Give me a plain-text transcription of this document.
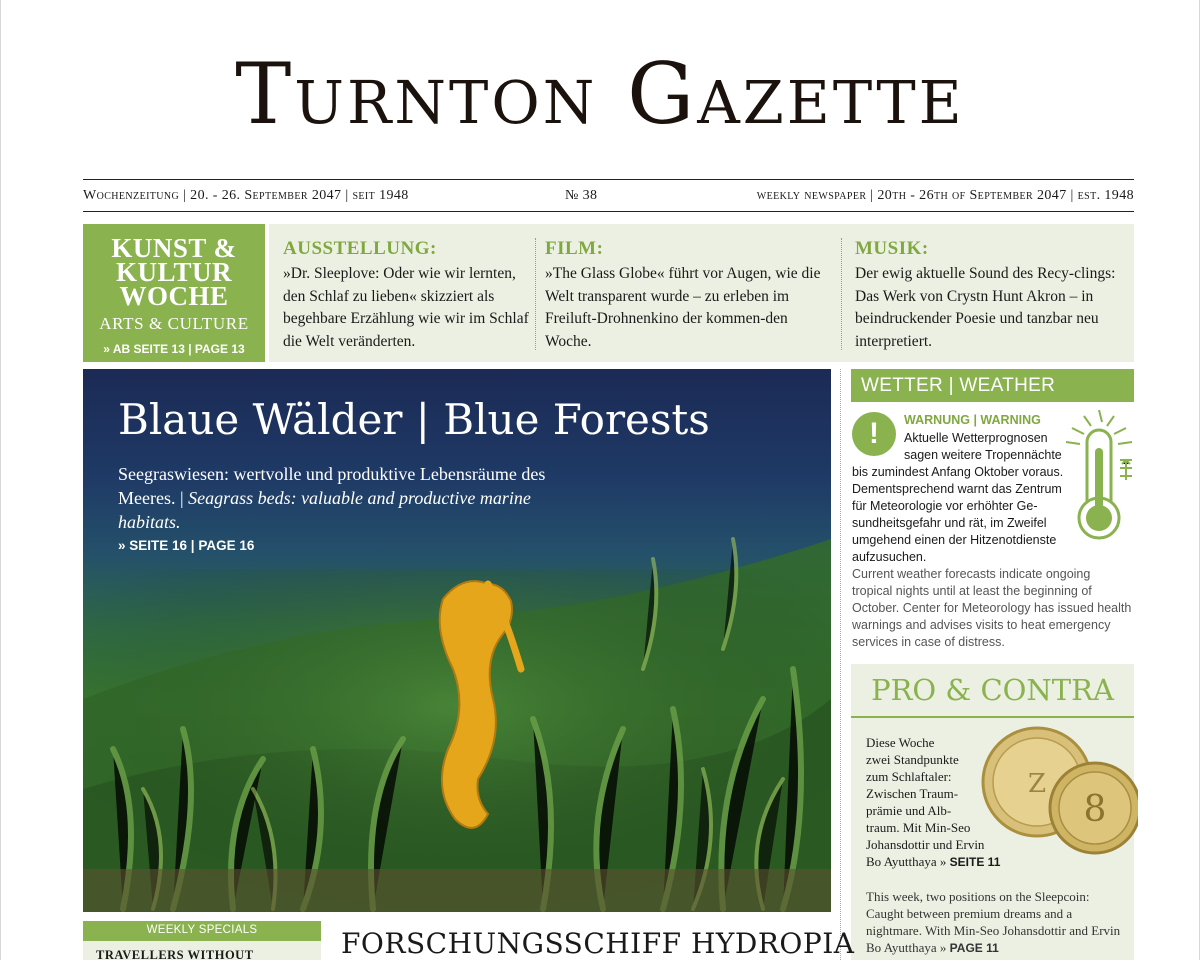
Turnton Gazette
Wochenzeitung | 20. - 26. September 2047 | seit 1948	№ 38	weekly newspaper | 20th - 26th of September 2047 | est. 1948
KUNST &
KULTUR
WOCHE
ARTS & CULTURE
» AB SEITE 13 | PAGE 13
AUSSTELLUNG:

»Dr. Sleeplove: Oder wie wir lernten, den Schlaf zu lieben« skizziert als begehbare Erzählung wie wir im Schlaf die Welt veränderten.

FILM:

»The Glass Globe« führt vor Augen, wie die Welt transparent wurde – zu erleben im Freiluft-Drohnenkino der kommen-den Woche.

MUSIK:

Der ewig aktuelle Sound des Recy-clings: Das Werk von Crystn Hunt Akron – in beindruckender Poesie und tanzbar neu interpretiert.

Blaue Wälder | Blue Forests
Seegraswiesen: wertvolle und produktive Lebensräume des Meeres. | Seagrass beds: valuable and productive marine habitats.
» SEITE 16 | PAGE 16
WETTER | WEATHER
!	WARNUNG | WARNING
Aktuelle Wetterprognosen
sagen weitere Tropennächte
bis zumindest Anfang Oktober voraus.
Dementsprechend warnt das Zentrum
für Meteorologie vor erhöhter Ge-
sundheitsgefahr und rät, im Zweifel
umgehend einen der Hitzenotdienste
aufzusuchen.
Current weather forecasts indicate ongoing tropical nights until at least the beginning of October. Center for Meteorology has issued health warnings and advises visits to heat emergency services in case of distress.
PRO & CONTRA
Z
8
Diese Woche
zwei Standpunkte
zum Schlaftaler:
Zwischen Traum-
prämie und Alb-
traum. Mit Min-Seo
Johansdottir und Ervin
Bo Ayutthaya » SEITE 11
This week, two positions on the Sleepcoin: Caught between premium dreams and a nightmare. With Min-Seo Johansdottir and Ervin Bo Ayutthaya » PAGE 11
WEEKLY SPECIALS
TRAVELLERS WITHOUT	FORSCHUNGSSCHIFF HYDROPIA
